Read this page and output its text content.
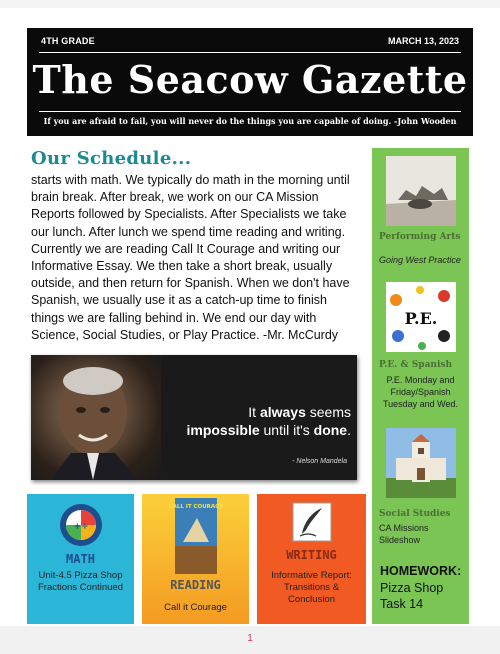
4TH GRADE	MARCH 13, 2023
The Seacow Gazette
If you are afraid to fail, you will never do the things you are capable of doing. -John Wooden
Our Schedule...
starts with math. We typically do math in the morning until brain break. After break, we work on our CA Mission Reports followed by Specialists. After Specialists we take our lunch. After lunch we spend time reading and writing. Currently we are reading Call It Courage and writing our Informative Essay. We then take a short break, usually outside, and then return for Spanish. When we don't have Spanish, we usually use it as a catch-up time to finish things we are falling behind in. We end our day with Science, Social Studies, or Play Practice. -Mr. McCurdy
It always seems
impossible until it's done.
- Nelson Mandela
+÷
MATH
Unit-4.5 Pizza Shop Fractions Continued
CALL IT COURAGE
READING
Call it Courage
WRITING
Informative Report: Transitions & Conclusion
Performing Arts
Going West Practice
P.E.
P.E. & Spanish
P.E. Monday and Friday/Spanish Tuesday and Wed.
Social Studies
CA Missions Slideshow
HOMEWORK:
Pizza Shop Task 14
1
